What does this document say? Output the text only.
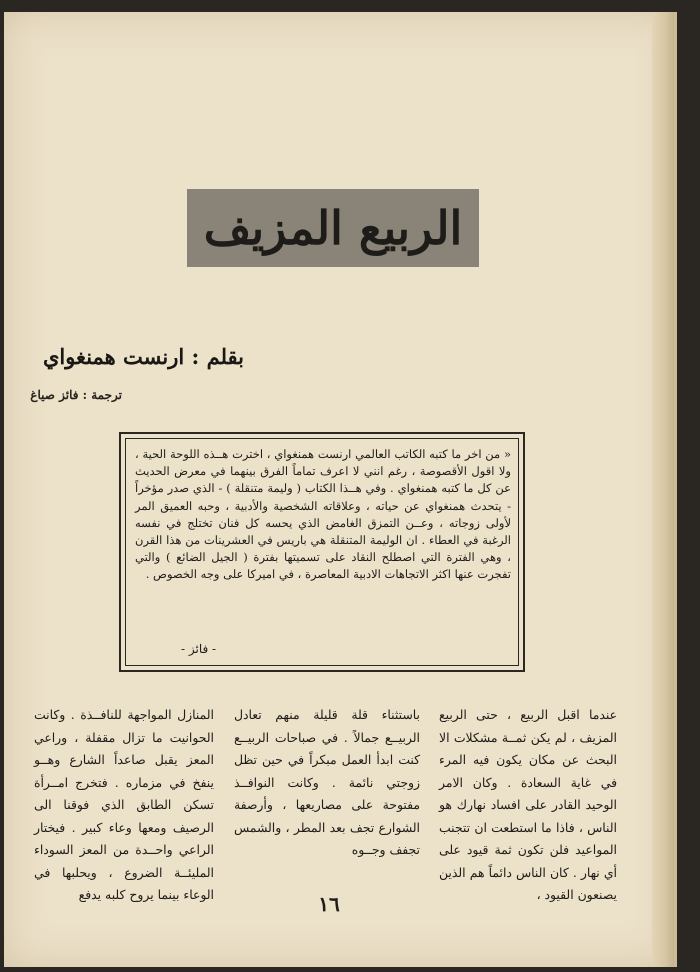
الربيع المزيف
بقلم : ارنست همنغواي
ترجمة : فائز صياغ
« من اخر ما كتبه الكاتب العالمي ارنست همنغواي ، اخترت هــذه اللوحة الحية ، ولا اقول الأقصوصة ، رغم انني لا اعرف تماماً الفرق بينهما في معرض الحديث عن كل ما كتبه همنغواي . وفي هــذا الكتاب ( وليمة متنقلة ) - الذي صدر مؤخراً - يتحدث همنغواي عن حياته ، وعلاقاته الشخصية والأدبية ، وحبه العميق المر لأولى زوجاته ، وعــن التمزق الغامض الذي يحسه كل فنان تختلج في نفسه الرغبة في العطاء . ان الوليمة المتنقلة هي باريس في العشرينات من هذا القرن ، وهي الفترة التي اصطلح النقاد على تسميتها بفترة ( الجيل الضائع ) والتي تفجرت عنها اكثر الاتجاهات الادبية المعاصرة ، في اميركا على وجه الخصوص .
- فائز -
عندما اقبل الربيع ، حتى الربيع المزيف ، لم يكن ثمــة مشكلات الا البحث عن مكان يكون فيه المرء في غاية السعادة . وكان الامر الوحيد القادر على افساد نهارك هو الناس ، فاذا ما استطعت ان تتجنب المواعيد فلن تكون ثمة قيود على أي نهار . كان الناس دائماً هم الذين يصنعون القيود ،
باستثناء قلة قليلة منهم تعادل الربيــع جمالاً . في صباحات الربيــع كنت ابدأ العمل مبكراً في حين تظل زوجتي نائمة . وكانت النوافــذ مفتوحة على مصاريعها ، وأرصفة الشوارع تجف بعد المطر ، والشمس تجفف وجــوه
المنازل المواجهة للنافــذة . وكانت الحوانيت ما تزال مقفلة ، وراعي المعز يقبل صاعداً الشارع وهــو ينفخ في مزماره . فتخرج امــرأة تسكن الطابق الذي فوقنا الى الرصيف ومعها وعاء كبير . فيختار الراعي واحــدة من المعز السوداء المليئــة الضروع ، ويحلبها في الوعاء بينما يروح كلبه يدفع	١٦
